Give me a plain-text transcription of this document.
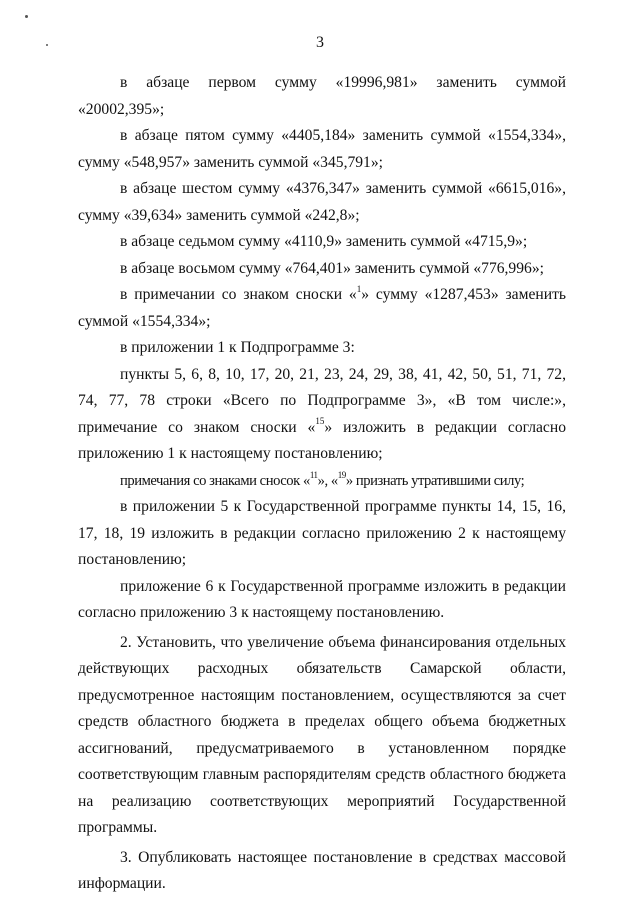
3

в абзаце первом сумму «19996,981» заменить суммой «20002,395»;

в абзаце пятом сумму «4405,184» заменить суммой «1554,334», сумму «548,957» заменить суммой «345,791»;

в абзаце шестом сумму «4376,347» заменить суммой «6615,016», сумму «39,634» заменить суммой «242,8»;

в абзаце седьмом сумму «4110,9» заменить суммой «4715,9»;

в абзаце восьмом сумму «764,401» заменить суммой «776,996»;

в примечании со знаком сноски «$^1$» сумму «1287,453» заменить суммой «1554,334»;

в приложении 1 к Подпрограмме 3:

пункты 5, 6, 8, 10, 17, 20, 21, 23, 24, 29, 38, 41, 42, 50, 51, 71, 72, 74, 77, 78 строки «Всего по Подпрограмме 3», «В том числе:», примечание со знаком сноски «$^{15}$» изложить в редакции согласно приложению 1 к настоящему постановлению;

примечания со знаками сносок «$^{11}$», «$^{19}$» признать утратившими силу;

в приложении 5 к Государственной программе пункты 14, 15, 16, 17, 18, 19 изложить в редакции согласно приложению 2 к настоящему постановлению;

приложение 6 к Государственной программе изложить в редакции согласно приложению 3 к настоящему постановлению.

2. Установить, что увеличение объема финансирования отдельных действующих расходных обязательств Самарской области, предусмотренное настоящим постановлением, осуществляются за счет средств областного бюджета в пределах общего объема бюджетных ассигнований, предусматриваемого в установленном порядке соответствующим главным распорядителям средств областного бюджета на реализацию соответствующих мероприятий Государственной программы.

3. Опубликовать настоящее постановление в средствах массовой информации.
